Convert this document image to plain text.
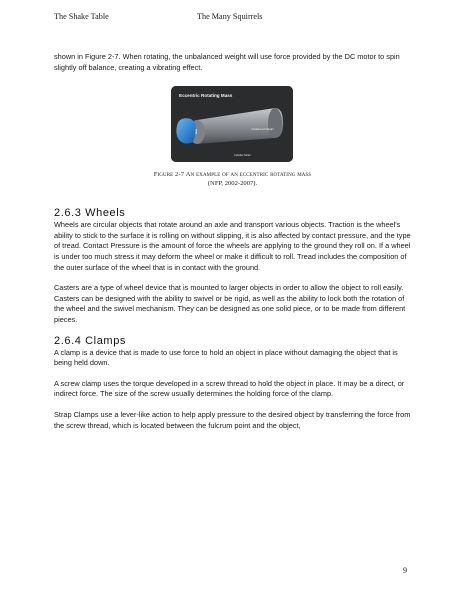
The Shake Table	The Many Squirrels

shown in Figure 2-7. When rotating, the unbalanced weight will use force provided by the DC motor to spin slightly off balance, creating a vibrating effect.

Eccentric Rotating Mass
Unbalanced Weight
Cylinder Motor
Figure 2-7 An example of an eccentric rotating mass
(NFP, 2002-2007).
2.6.3 Wheels

Wheels are circular objects that rotate around an axle and transport various objects. Traction is the wheel's ability to stick to the surface it is rolling on without slipping, it is also affected by contact pressure, and the type of tread. Contact Pressure is the amount of force the wheels are applying to the ground they roll on. If a wheel is under too much stress it may deform the wheel or make it difficult to roll. Tread includes the composition of the outer surface of the wheel that is in contact with the ground.

Casters are a type of wheel device that is mounted to larger objects in order to allow the object to roll easily. Casters can be designed with the ability to swivel or be rigid, as well as the ability to lock both the rotation of the wheel and the swivel mechanism. They can be designed as one solid piece, or to be made from different pieces.

2.6.4 Clamps

A clamp is a device that is made to use force to hold an object in place without damaging the object that is being held down.

A screw clamp uses the torque developed in a screw thread to hold the object in place. It may be a direct, or indirect force. The size of the screw usually determines the holding force of the clamp.

Strap Clamps use a lever-like action to help apply pressure to the desired object by transferring the force from the screw thread, which is located between the fulcrum point and the object,

9
